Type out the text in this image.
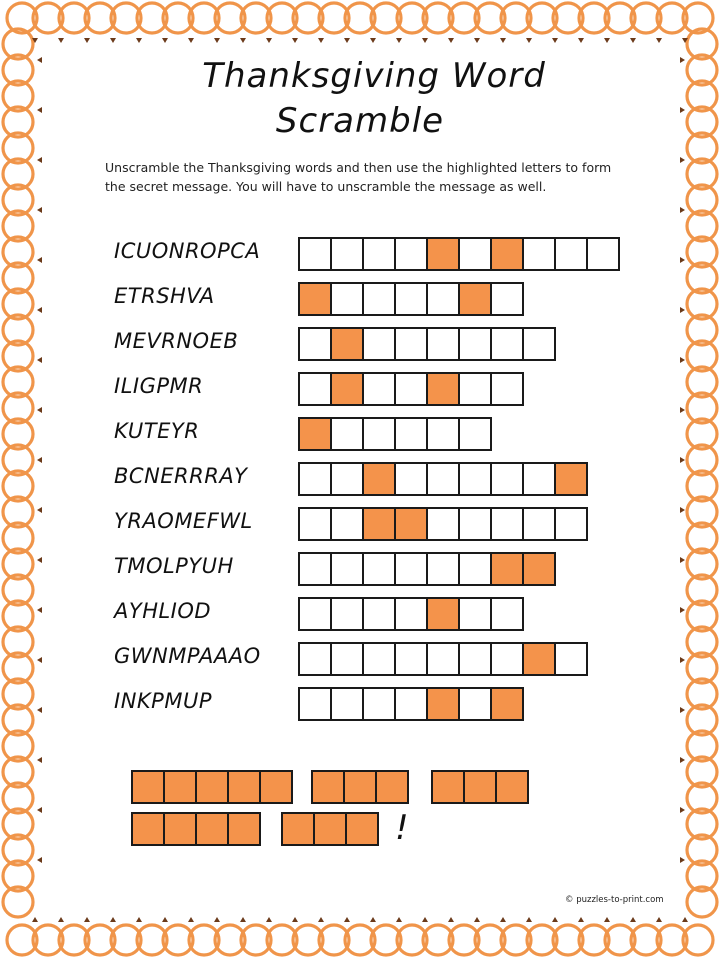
Thanksgiving Word
Scramble
Unscramble the Thanksgiving words and then use the highlighted letters to form the secret message. You will have to unscramble the message as well.
ICUONROPCA
ETRSHVA
MEVRNOEB
ILIGPMR
KUTEYR
BCNERRRAY
YRAOMEFWL
TMOLPYUH
AYHLIOD
GWNMPAAAO
INKPMUP
!
© puzzles-to-print.com
